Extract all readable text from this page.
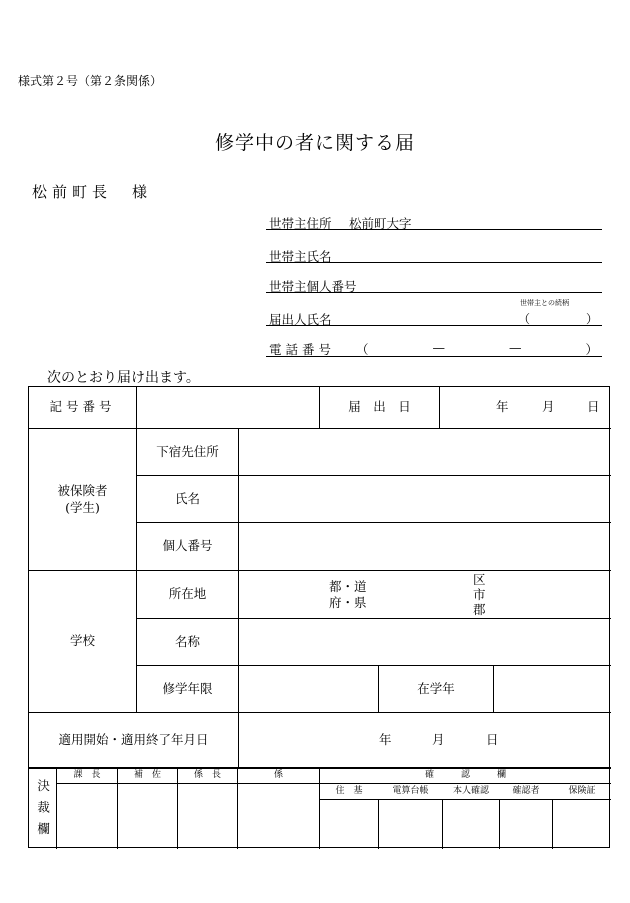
様式第２号（第２条関係）
修学中の者に関する届
松前町長　様
世帯主住所 松前町大字
世帯主氏名
世帯主個人番号
世帯主との続柄
届出人氏名	（	）
電話番号 （	—	—	）
次のとおり届け出ます。
記号番号	届　出　日	年	月	日
被保険者
(学生)
下宿先住所
氏名
個人番号
学校
所在地	都・道
府・県
区
市
郡
名称
修学年限	在学年
適用開始・適用終了年月日	年	月	日
決裁欄
課　長	補　佐	係　長	係	確　　　認　　　欄
住　基	電算台帳	本人確認	確認者	保険証
